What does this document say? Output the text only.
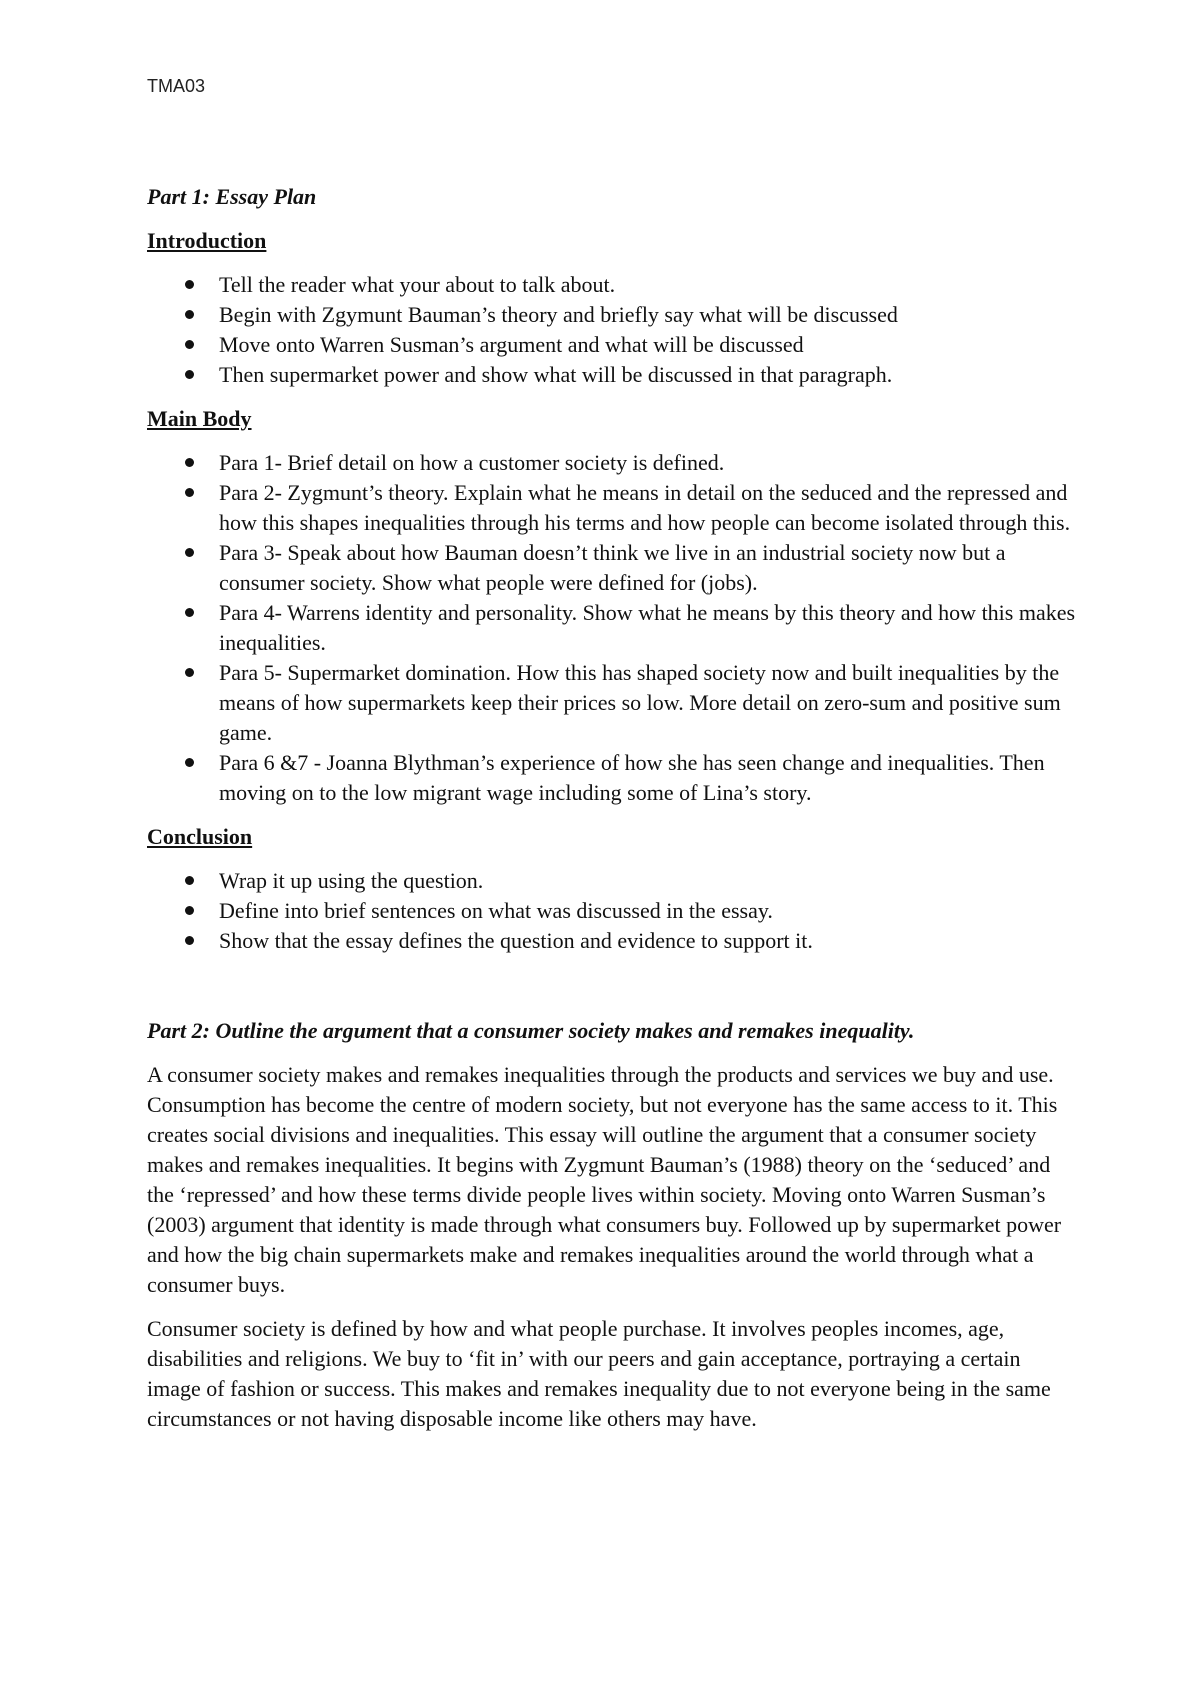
TMA03
Part 1: Essay Plan
Introduction
Tell the reader what your about to talk about.
Begin with Zgymunt Bauman’s theory and briefly say what will be discussed
Move onto Warren Susman’s argument and what will be discussed
Then supermarket power and show what will be discussed in that paragraph.
Main Body
Para 1- Brief detail on how a customer society is defined.
Para 2- Zygmunt’s theory. Explain what he means in detail on the seduced and the repressed and how this shapes inequalities through his terms and how people can become isolated through this.
Para 3- Speak about how Bauman doesn’t think we live in an industrial society now but a consumer society. Show what people were defined for (jobs).
Para 4- Warrens identity and personality. Show what he means by this theory and how this makes inequalities.
Para 5- Supermarket domination. How this has shaped society now and built inequalities by the means of how supermarkets keep their prices so low. More detail on zero-sum and positive sum game.
Para 6 &7 - Joanna Blythman’s experience of how she has seen change and inequalities. Then moving on to the low migrant wage including some of Lina’s story.
Conclusion
Wrap it up using the question.
Define into brief sentences on what was discussed in the essay.
Show that the essay defines the question and evidence to support it.
Part 2: Outline the argument that a consumer society makes and remakes inequality.

A consumer society makes and remakes inequalities through the products and services we buy and use. Consumption has become the centre of modern society, but not everyone has the same access to it. This creates social divisions and inequalities. This essay will outline the argument that a consumer society makes and remakes inequalities. It begins with Zygmunt Bauman’s (1988) theory on the ‘seduced’ and the ‘repressed’ and how these terms divide people lives within society. Moving onto Warren Susman’s (2003) argument that identity is made through what consumers buy. Followed up by supermarket power and how the big chain supermarkets make and remakes inequalities around the world through what a consumer buys.

Consumer society is defined by how and what people purchase. It involves peoples incomes, age, disabilities and religions. We buy to ‘fit in’ with our peers and gain acceptance, portraying a certain image of fashion or success. This makes and remakes inequality due to not everyone being in the same circumstances or not having disposable income like others may have.
